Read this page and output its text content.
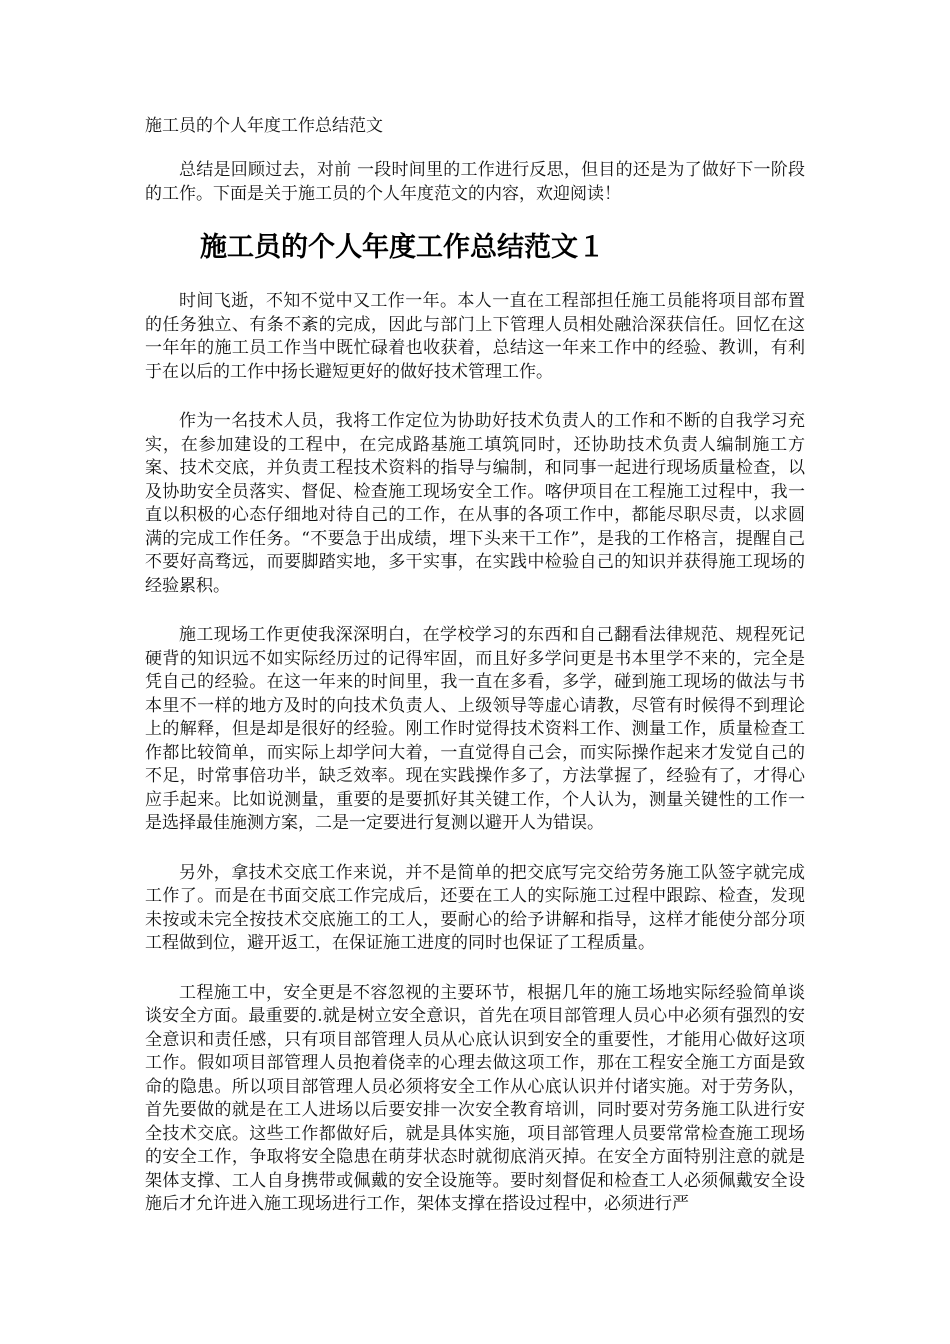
施工员的个人年度工作总结范文

总结是回顾过去，对前 一段时间里的工作进行反思，但目的还是为了做好下一阶段的工作。下面是关于施工员的个人年度范文的内容，欢迎阅读！

施工员的个人年度工作总结范文１

时间飞逝，不知不觉中又工作一年。本人一直在工程部担任施工员能将项目部布置的任务独立、有条不紊的完成，因此与部门上下管理人员相处融洽深获信任。回忆在这一年年的施工员工作当中既忙碌着也收获着，总结这一年来工作中的经验、教训，有利于在以后的工作中扬长避短更好的做好技术管理工作。

作为一名技术人员，我将工作定位为协助好技术负责人的工作和不断的自我学习充实，在参加建设的工程中，在完成路基施工填筑同时，还协助技术负责人编制施工方案、技术交底，并负责工程技术资料的指导与编制，和同事一起进行现场质量检查，以及协助安全员落实、督促、检查施工现场安全工作。喀伊项目在工程施工过程中，我一直以积极的心态仔细地对待自己的工作，在从事的各项工作中，都能尽职尽责，以求圆满的完成工作任务。“不要急于出成绩，埋下头来干工作”，是我的工作格言，提醒自己不要好高骛远，而要脚踏实地，多干实事，在实践中检验自己的知识并获得施工现场的经验累积。

施工现场工作更使我深深明白，在学校学习的东西和自己翻看法律规范、规程死记硬背的知识远不如实际经历过的记得牢固，而且好多学问更是书本里学不来的，完全是凭自己的经验。在这一年来的时间里，我一直在多看，多学，碰到施工现场的做法与书本里不一样的地方及时的向技术负责人、上级领导等虚心请教，尽管有时候得不到理论上的解释，但是却是很好的经验。刚工作时觉得技术资料工作、测量工作，质量检查工作都比较简单，而实际上却学问大着，一直觉得自己会，而实际操作起来才发觉自己的不足，时常事倍功半，缺乏效率。现在实践操作多了，方法掌握了，经验有了，才得心应手起来。比如说测量，重要的是要抓好其关键工作，个人认为，测量关键性的工作一是选择最佳施测方案，二是一定要进行复测以避开人为错误。

另外，拿技术交底工作来说，并不是简单的把交底写完交给劳务施工队签字就完成工作了。而是在书面交底工作完成后，还要在工人的实际施工过程中跟踪、检查，发现未按或未完全按技术交底施工的工人，要耐心的给予讲解和指导，这样才能使分部分项工程做到位，避开返工，在保证施工进度的同时也保证了工程质量。

工程施工中，安全更是不容忽视的主要环节，根据几年的施工场地实际经验简单谈谈安全方面。最重要的.就是树立安全意识，首先在项目部管理人员心中必须有强烈的安全意识和责任感，只有项目部管理人员从心底认识到安全的重要性，才能用心做好这项工作。假如项目部管理人员抱着侥幸的心理去做这项工作，那在工程安全施工方面是致命的隐患。所以项目部管理人员必须将安全工作从心底认识并付诸实施。对于劳务队，首先要做的就是在工人进场以后要安排一次安全教育培训，同时要对劳务施工队进行安全技术交底。这些工作都做好后，就是具体实施，项目部管理人员要常常检查施工现场的安全工作，争取将安全隐患在萌芽状态时就彻底消灭掉。在安全方面特别注意的就是架体支撑、工人自身携带或佩戴的安全设施等。要时刻督促和检查工人必须佩戴安全设施后才允许进入施工现场进行工作，架体支撑在搭设过程中，必须进行严
